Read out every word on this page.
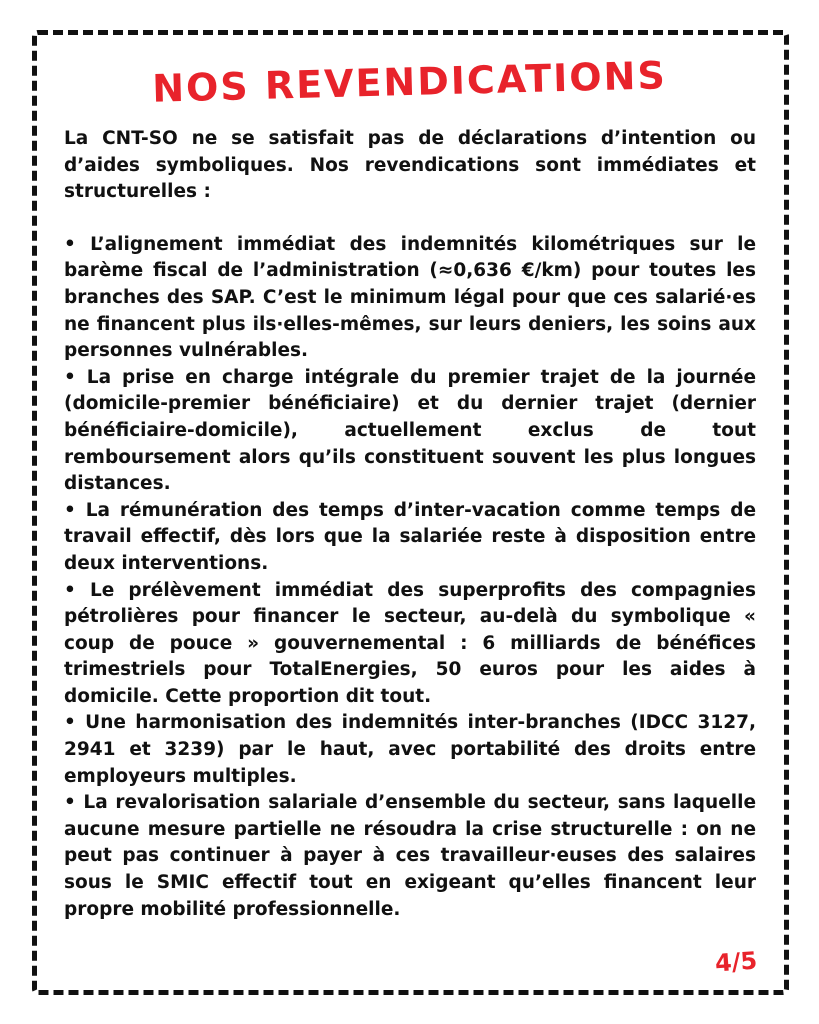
NOS REVENDICATIONS

La CNT-SO ne se satisfait pas de déclarations d’intention ou d’aides symboliques. Nos revendications sont immédiates et structurelles :

• L’alignement immédiat des indemnités kilométriques sur le barème fiscal de l’administration (≈0,636 €/km) pour toutes les branches des SAP. C’est le minimum légal pour que ces salarié·es ne financent plus ils·elles-mêmes, sur leurs deniers, les soins aux personnes vulnérables.

• La prise en charge intégrale du premier trajet de la journée (domicile-premier bénéficiaire) et du dernier trajet (dernier bénéficiaire-domicile), actuellement exclus de tout remboursement alors qu’ils constituent souvent les plus longues distances.

• La rémunération des temps d’inter-vacation comme temps de travail effectif, dès lors que la salariée reste à disposition entre deux interventions.

• Le prélèvement immédiat des superprofits des compagnies pétrolières pour financer le secteur, au-delà du symbolique « coup de pouce » gouvernemental : 6 milliards de bénéfices trimestriels pour TotalEnergies, 50 euros pour les aides à domicile. Cette proportion dit tout.

• Une harmonisation des indemnités inter-branches (IDCC 3127, 2941 et 3239) par le haut, avec portabilité des droits entre employeurs multiples.

• La revalorisation salariale d’ensemble du secteur, sans laquelle aucune mesure partielle ne résoudra la crise structurelle : on ne peut pas continuer à payer à ces travailleur·euses des salaires sous le SMIC effectif tout en exigeant qu’elles financent leur propre mobilité professionnelle.

4/5
